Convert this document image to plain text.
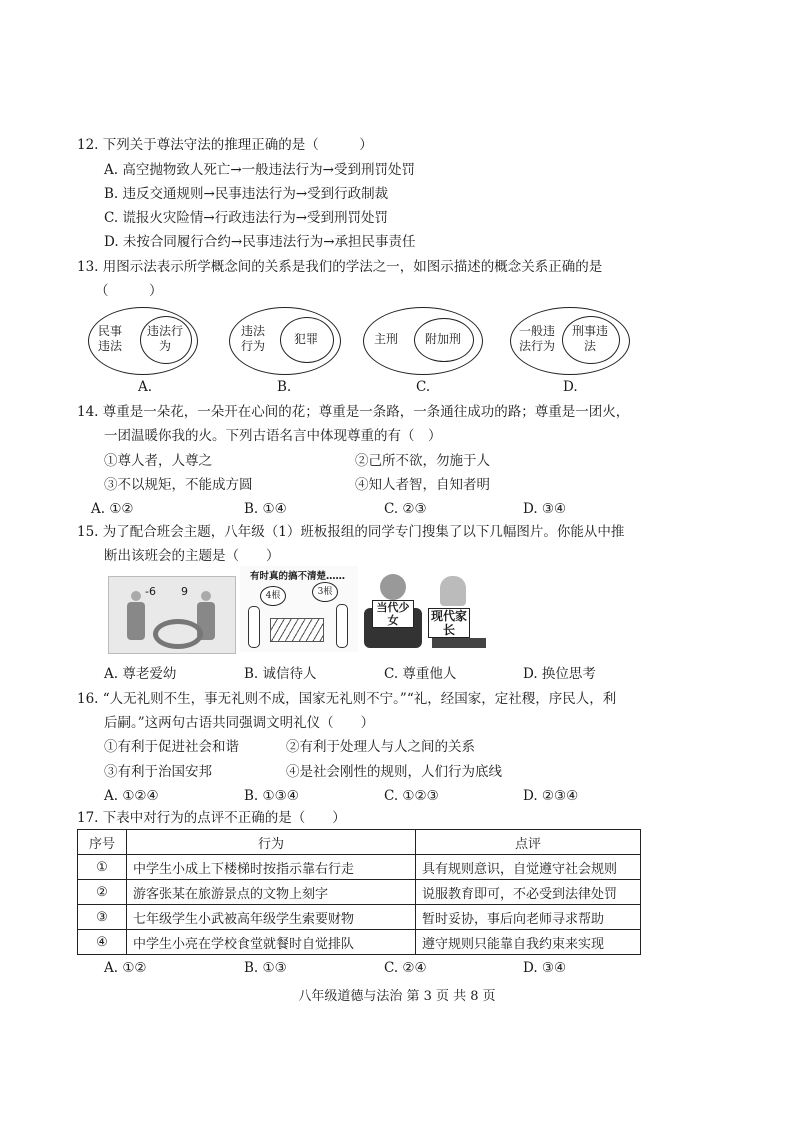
12. 下列关于尊法守法的推理正确的是（　　　）
A. 高空抛物致人死亡→一般违法行为→受到刑罚处罚
B. 违反交通规则→民事违法行为→受到行政制裁
C. 谎报火灾险情→行政违法行为→受到刑罚处罚
D. 未按合同履行合约→民事违法行为→承担民事责任
13. 用图示法表示所学概念间的关系是我们的学法之一，如图示描述的概念关系正确的是
（　　　）
民事违法
违法行为
A.
违法行为	犯罪
B.
主刑	附加刑
C.
一般违法行为
刑事违法
D.
14. 尊重是一朵花，一朵开在心间的花；尊重是一条路，一条通往成功的路；尊重是一团火，
一团温暖你我的火。下列古语名言中体现尊重的有（　）
①尊人者，人尊之	②己所不欲，勿施于人
③不以规矩，不能成方圆	④知人者智，自知者明
A. ①②	B. ①④	C. ②③	D. ③④
15. 为了配合班会主题，八年级（1）班板报组的同学专门搜集了以下几幅图片。你能从中推
断出该班会的主题是（　　）
-6 9
有时真的搞不清楚……
4根	3根
当代少女	现代家长
A. 尊老爱幼	B. 诚信待人	C. 尊重他人	D. 换位思考
16. “人无礼则不生，事无礼则不成，国家无礼则不宁。”“礼，经国家，定社稷，序民人，利
后嗣。”这两句古语共同强调文明礼仪（　　）
①有利于促进社会和谐	②有利于处理人与人之间的关系
③有利于治国安邦	④是社会刚性的规则，人们行为底线
A. ①②④	B. ①③④	C. ①②③	D. ②③④
17. 下表中对行为的点评不正确的是（　　）
序号	行为	点评
①	中学生小成上下楼梯时按指示靠右行走	具有规则意识，自觉遵守社会规则
②	游客张某在旅游景点的文物上刻字	说服教育即可，不必受到法律处罚
③	七年级学生小武被高年级学生索要财物	暂时妥协，事后向老师寻求帮助
④	中学生小亮在学校食堂就餐时自觉排队	遵守规则只能靠自我约束来实现
A. ①②	B. ①③	C. ②④	D. ③④
八年级道德与法治 第 3 页 共 8 页
